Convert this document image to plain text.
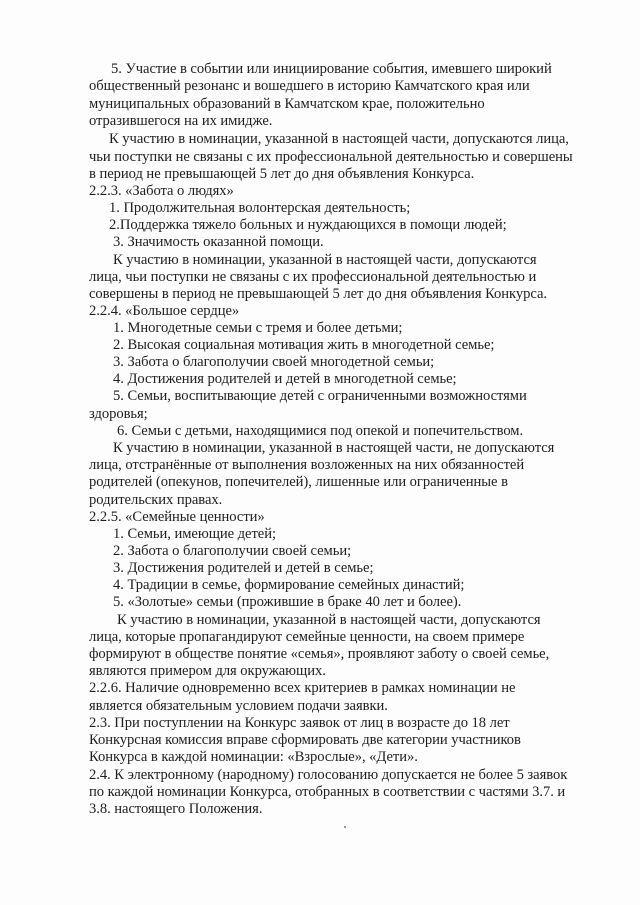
5. Участие в событии или инициирование события, имевшего широкий
общественный резонанс и вошедшего в историю Камчатского края или
муниципальных образований в Камчатском крае, положительно
отразившегося на их имидже.
К участию в номинации, указанной в настоящей части, допускаются лица,
чьи поступки не связаны с их профессиональной деятельностью и совершены
в период не превышающей 5 лет до дня объявления Конкурса.
2.2.3. «Забота о людях»
1. Продолжительная волонтерская деятельность;
2.Поддержка тяжело больных и нуждающихся в помощи людей;
3. Значимость оказанной помощи.
К участию в номинации, указанной в настоящей части, допускаются
лица, чьи поступки не связаны с их профессиональной деятельностью и
совершены в период не превышающей 5 лет до дня объявления Конкурса.
2.2.4. «Большое сердце»
1. Многодетные семьи с тремя и более детьми;
2. Высокая социальная мотивация жить в многодетной семье;
3. Забота о благополучии своей многодетной семьи;
4. Достижения родителей и детей в многодетной семье;
5. Семьи, воспитывающие детей с ограниченными возможностями
здоровья;
6. Семьи с детьми, находящимися под опекой и попечительством.
К участию в номинации, указанной в настоящей части, не допускаются
лица, отстранённые от выполнения возложенных на них обязанностей
родителей (опекунов, попечителей), лишенные или ограниченные в
родительских правах.
2.2.5. «Семейные ценности»
1. Семьи, имеющие детей;
2. Забота о благополучии своей семьи;
3. Достижения родителей и детей в семье;
4. Традиции в семье, формирование семейных династий;
5. «Золотые» семьи (прожившие в браке 40 лет и более).
К участию в номинации, указанной в настоящей части, допускаются
лица, которые пропагандируют семейные ценности, на своем примере
формируют в обществе понятие «семья», проявляют заботу о своей семье,
являются примером для окружающих.
2.2.6. Наличие одновременно всех критериев в рамках номинации не
является обязательным условием подачи заявки.
2.3. При поступлении на Конкурс заявок от лиц в возрасте до 18 лет
Конкурсная комиссия вправе сформировать две категории участников
Конкурса в каждой номинации: «Взрослые», «Дети».
2.4. К электронному (народному) голосованию допускается не более 5 заявок
по каждой номинации Конкурса, отобранных в соответствии с частями 3.7. и
3.8. настоящего Положения.
